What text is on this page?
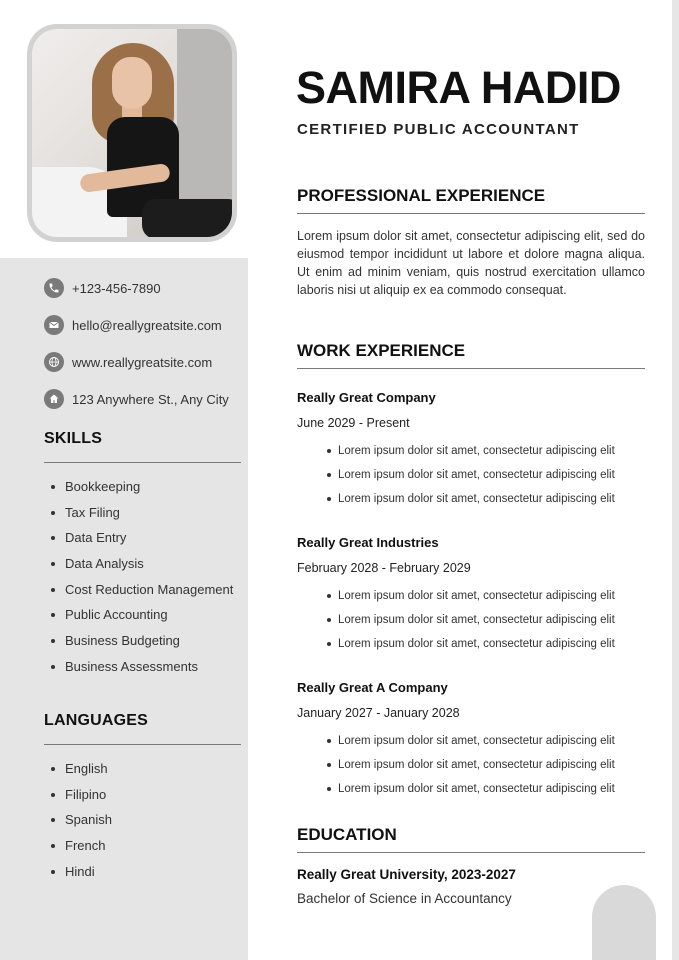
+123-456-7890
hello@reallygreatsite.com
www.reallygreatsite.com
123 Anywhere St., Any City
SKILLS
Bookkeeping
Tax Filing
Data Entry
Data Analysis
Cost Reduction Management
Public Accounting
Business Budgeting
Business Assessments
LANGUAGES
English
Filipino
Spanish
French
Hindi
SAMIRA HADID
CERTIFIED PUBLIC ACCOUNTANT
PROFESSIONAL EXPERIENCE
Lorem ipsum dolor sit amet, consectetur adipiscing elit, sed do eiusmod tempor incididunt ut labore et dolore magna aliqua. Ut enim ad minim veniam, quis nostrud exercitation ullamco laboris nisi ut aliquip ex ea commodo consequat.
WORK EXPERIENCE
Really Great Company
June 2029 - Present
Lorem ipsum dolor sit amet, consectetur adipiscing elit
Lorem ipsum dolor sit amet, consectetur adipiscing elit
Lorem ipsum dolor sit amet, consectetur adipiscing elit
Really Great Industries
February 2028 - February 2029
Lorem ipsum dolor sit amet, consectetur adipiscing elit
Lorem ipsum dolor sit amet, consectetur adipiscing elit
Lorem ipsum dolor sit amet, consectetur adipiscing elit
Really Great A Company
January 2027 - January 2028
Lorem ipsum dolor sit amet, consectetur adipiscing elit
Lorem ipsum dolor sit amet, consectetur adipiscing elit
Lorem ipsum dolor sit amet, consectetur adipiscing elit
EDUCATION
Really Great University, 2023-2027
Bachelor of Science in Accountancy
